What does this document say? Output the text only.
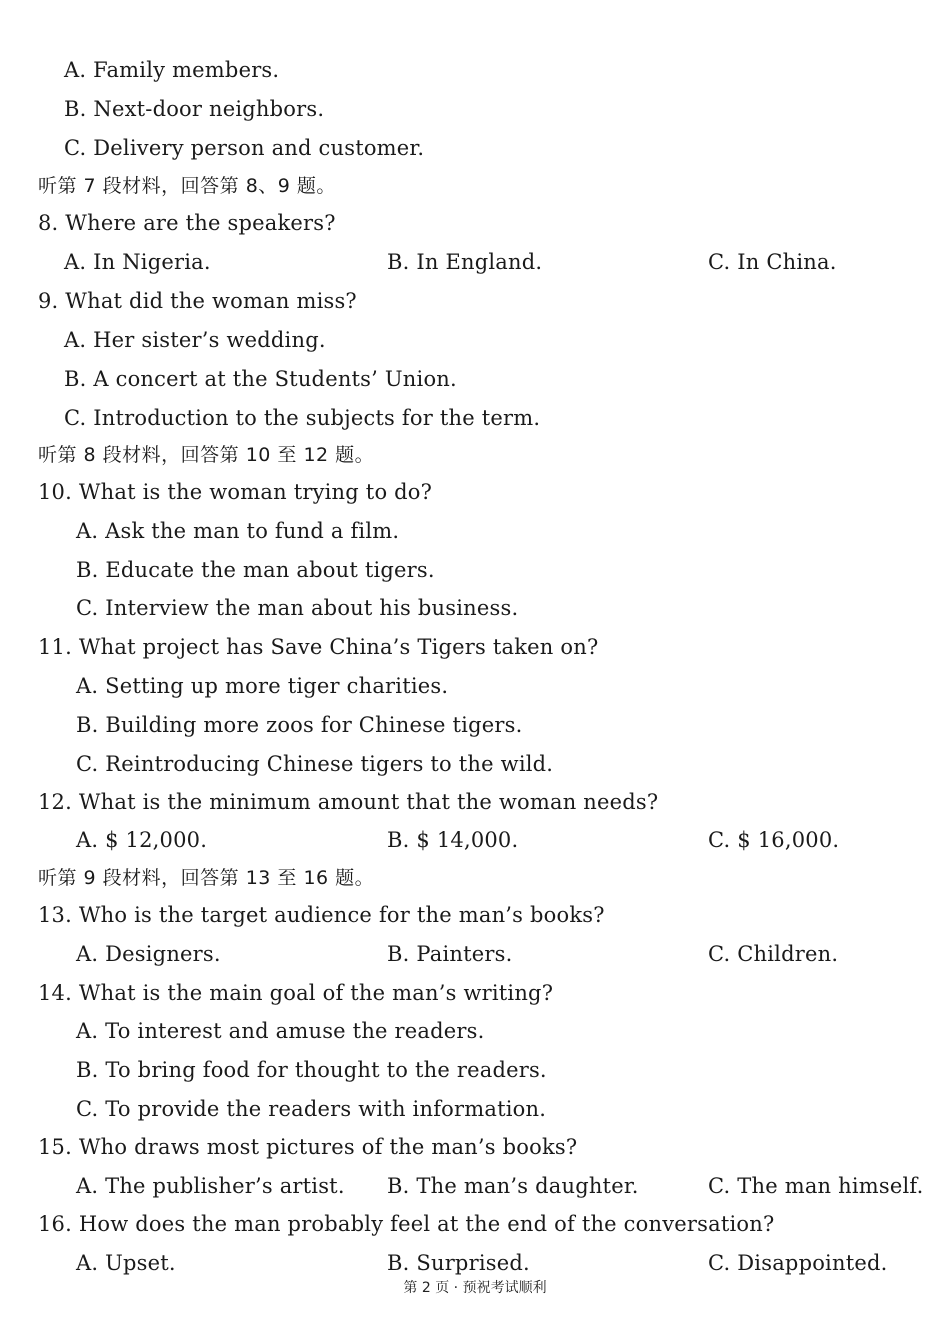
A. Family members.
B. Next-door neighbors.
C. Delivery person and customer.
听第 7 段材料，回答第 8、9 题。
8. Where are the speakers?
A. In Nigeria.	B. In England.	C. In China.
9. What did the woman miss?
A. Her sister’s wedding.
B. A concert at the Students’ Union.
C. Introduction to the subjects for the term.
听第 8 段材料，回答第 10 至 12 题。
10. What is the woman trying to do?
A. Ask the man to fund a film.
B. Educate the man about tigers.
C. Interview the man about his business.
11. What project has Save China’s Tigers taken on?
A. Setting up more tiger charities.
B. Building more zoos for Chinese tigers.
C. Reintroducing Chinese tigers to the wild.
12. What is the minimum amount that the woman needs?
A. $ 12,000.	B. $ 14,000.	C. $ 16,000.
听第 9 段材料，回答第 13 至 16 题。
13. Who is the target audience for the man’s books?
A. Designers.	B. Painters.	C. Children.
14. What is the main goal of the man’s writing?
A. To interest and amuse the readers.
B. To bring food for thought to the readers.
C. To provide the readers with information.
15. Who draws most pictures of the man’s books?
A. The publisher’s artist. B. The man’s daughter.	C. The man himself.
16. How does the man probably feel at the end of the conversation?
A. Upset.	B. Surprised.	C. Disappointed.
第 2 页 · 预祝考试顺利
